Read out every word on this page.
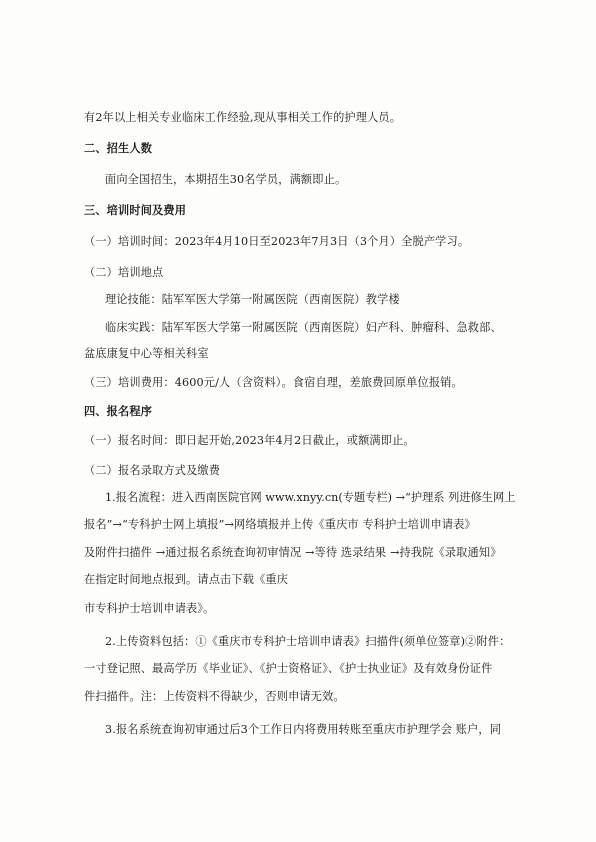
有2年以上相关专业临床工作经验,现从事相关工作的护理人员。
二、招生人数
面向全国招生，本期招生30名学员，满额即止。
三、培训时间及费用
（一）培训时间：2023年4月10日至2023年7月3日（3个月）全脱产学习。
（二）培训地点
理论技能：陆军军医大学第一附属医院（西南医院）教学楼
临床实践：陆军军医大学第一附属医院（西南医院）妇产科、肿瘤科、急救部、
盆底康复中心等相关科室
（三）培训费用：4600元/人（含资料）。食宿自理，差旅费回原单位报销。
四、报名程序
（一）报名时间：即日起开始,2023年4月2日截止，或额满即止。
（二）报名录取方式及缴费
1.报名流程：进入西南医院官网 www.xnyy.cn(专题专栏) →“护理系 列进修生网上
报名”→“专科护士网上填报”→网络填报并上传《重庆市 专科护士培训申请表》
及附件扫描件 →通过报名系统查询初审情况 →等待 选录结果 →持我院《录取通知》
在指定时间地点报到。请点击下载《重庆
市专科护士培训申请表》。
2.上传资料包括：①《重庆市专科护士培训申请表》扫描件(须单位签章)②附件：
一寸登记照、最高学历《毕业证》、《护士资格证》、《护士执业证》及有效身份证件
件扫描件。注：上传资料不得缺少，否则申请无效。
3.报名系统查询初审通过后3个工作日内将费用转账至重庆市护理学会 账户，同
